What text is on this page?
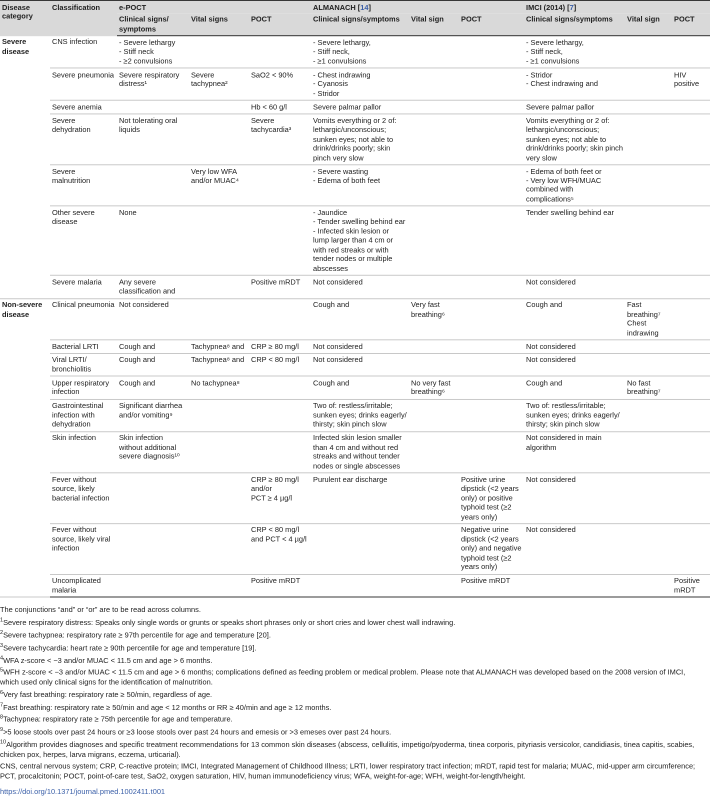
Disease category	Classification	e-POCT			ALMANACH [14]			IMCI (2014) [7]		
		Clinical signs/ symptoms	Vital signs	POCT	Clinical signs/symptoms	Vital sign	POCT	Clinical signs/symptoms	Vital sign	POCT
Severe disease	CNS infection	- Severe lethargy
- Stiff neck
- ≥2 convulsions			- Severe lethargy,
- Stiff neck,
- ≥1 convulsions			- Severe lethargy,
- Stiff neck,
- ≥1 convulsions		

	Severe pneumonia	Severe respiratory distress¹	Severe tachypnea²	SaO2 < 90%	- Chest indrawing
- Cyanosis
- Stridor			- Stridor
- Chest indrawing and		HIV positive

	Severe anemia			Hb < 60 g/l	Severe palmar pallor			Severe palmar pallor		

	Severe dehydration	Not tolerating oral liquids		Severe tachycardia³	Vomits everything or 2 of: lethargic/unconscious; sunken eyes; not able to drink/drinks poorly; skin pinch very slow			Vomits everything or 2 of: lethargic/unconscious; sunken eyes; not able to drink/drinks poorly; skin pinch very slow		

	Severe malnutrition		Very low WFA and/or MUAC⁴		- Severe wasting
- Edema of both feet			- Edema of both feet or
- Very low WFH/MUAC combined with complications⁵		

	Other severe disease	None			- Jaundice
- Tender swelling behind ear
- Infected skin lesion or lump larger than 4 cm or with red streaks or with tender nodes or multiple abscesses			Tender swelling behind ear		

	Severe malaria	Any severe classification and		Positive mRDT	Not considered			Not considered		

Non-severe disease	Clinical pneumonia	Not considered			Cough and	Very fast breathing⁶		Cough and	Fast breathing⁷
Chest indrawing	

	Bacterial LRTI	Cough and	Tachypnea⁸ and	CRP ≥ 80 mg/l	Not considered			Not considered		

	Viral LRTI/ bronchiolitis	Cough and	Tachypnea⁸ and	CRP < 80 mg/l	Not considered			Not considered		

	Upper respiratory infection	Cough and	No tachypnea⁸		Cough and	No very fast breathing⁶		Cough and	No fast breathing⁷	

	Gastrointestinal infection with dehydration	Significant diarrhea and/or vomiting⁹			Two of: restless/irritable; sunken eyes; drinks eagerly/ thirsty; skin pinch slow			Two of: restless/irritable; sunken eyes; drinks eagerly/ thirsty; skin pinch slow		

	Skin infection	Skin infection without additional severe diagnosis¹⁰			Infected skin lesion smaller than 4 cm and without red streaks and without tender nodes or single abscesses			Not considered in main algorithm		

	Fever without source, likely bacterial infection			CRP ≥ 80 mg/l and/or
PCT ≥ 4 µg/l	Purulent ear discharge		Positive urine dipstick (<2 years only) or positive typhoid test (≥2 years only)	Not considered		

	Fever without source, likely viral infection			CRP < 80 mg/l and PCT < 4 µg/l			Negative urine dipstick (<2 years only) and negative typhoid test (≥2 years only)	Not considered		

	Uncomplicated malaria			Positive mRDT			Positive mRDT			Positive mRDT

The conjunctions “and” or “or” are to be read across columns.

$^1$Severe respiratory distress: Speaks only single words or grunts or speaks short phrases only or short cries and lower chest wall indrawing.

$^2$Severe tachypnea: respiratory rate ≥ 97th percentile for age and temperature [20].

$^3$Severe tachycardia: heart rate ≥ 90th percentile for age and temperature [19].

$^4$WFA z-score < −3 and/or MUAC < 11.5 cm and age > 6 months.

$^5$WFH z-score < −3 and/or MUAC < 11.5 cm and age > 6 months; complications defined as feeding problem or medical problem. Please note that ALMANACH was developed based on the 2008 version of IMCI, which used only clinical signs for the identification of malnutrition.

$^6$Very fast breathing: respiratory rate ≥ 50/min, regardless of age.

$^7$Fast breathing: respiratory rate ≥ 50/min and age < 12 months or RR ≥ 40/min and age ≥ 12 months.

$^8$Tachypnea: respiratory rate ≥ 75th percentile for age and temperature.

$^9$>5 loose stools over past 24 hours or ≥3 loose stools over past 24 hours and emesis or >3 emeses over past 24 hours.

$^{10}$Algorithm provides diagnoses and specific treatment recommendations for 13 common skin diseases (abscess, cellulitis, impetigo/pyoderma, tinea corporis, pityriasis versicolor, candidiasis, tinea capitis, scabies, chicken pox, herpes, larva migrans, eczema, urticarial).

CNS, central nervous system; CRP, C-reactive protein; IMCI, Integrated Management of Childhood Illness; LRTI, lower respiratory tract infection; mRDT, rapid test for malaria; MUAC, mid-upper arm circumference; PCT, procalcitonin; POCT, point-of-care test, SaO2, oxygen saturation, HIV, human immunodeficiency virus; WFA, weight-for-age; WFH, weight-for-length/height.

https://doi.org/10.1371/journal.pmed.1002411.t001
